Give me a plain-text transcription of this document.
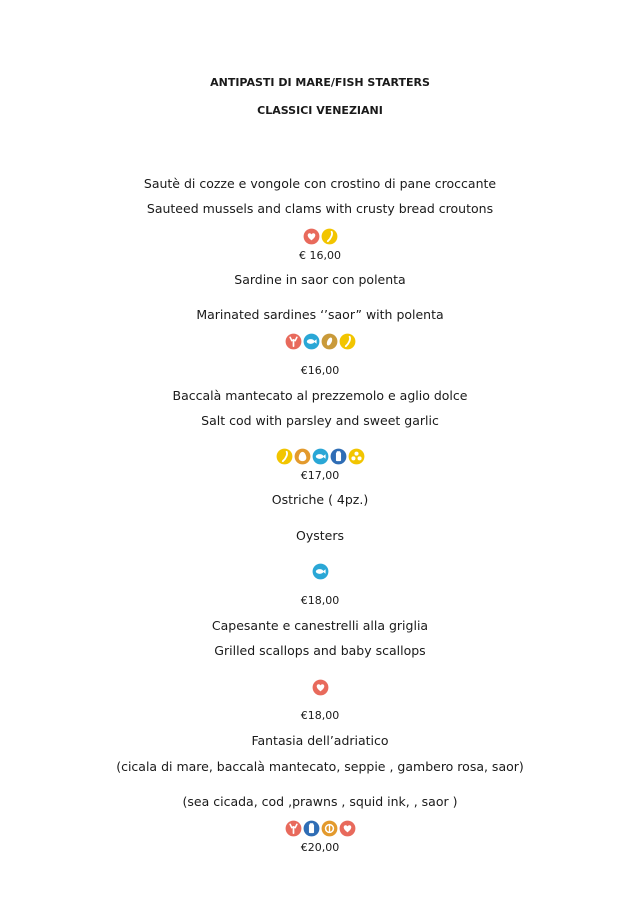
ANTIPASTI DI MARE/FISH STARTERS
CLASSICI VENEZIANI
Sautè di cozze e vongole con crostino di pane croccante
Sauteed mussels and clams with crusty bread croutons
€ 16,00
Sardine in saor con polenta
Marinated sardines ‘’saor” with polenta
€16,00
Baccalà mantecato al prezzemolo e aglio dolce
Salt cod with parsley and sweet garlic
€17,00
Ostriche ( 4pz.)
Oysters
€18,00
Capesante e canestrelli alla griglia
Grilled scallops and baby scallops
€18,00
Fantasia dell’adriatico
(cicala di mare, baccalà mantecato, seppie , gambero rosa, saor)
(sea cicada, cod ,prawns , squid ink, , saor )
€20,00
